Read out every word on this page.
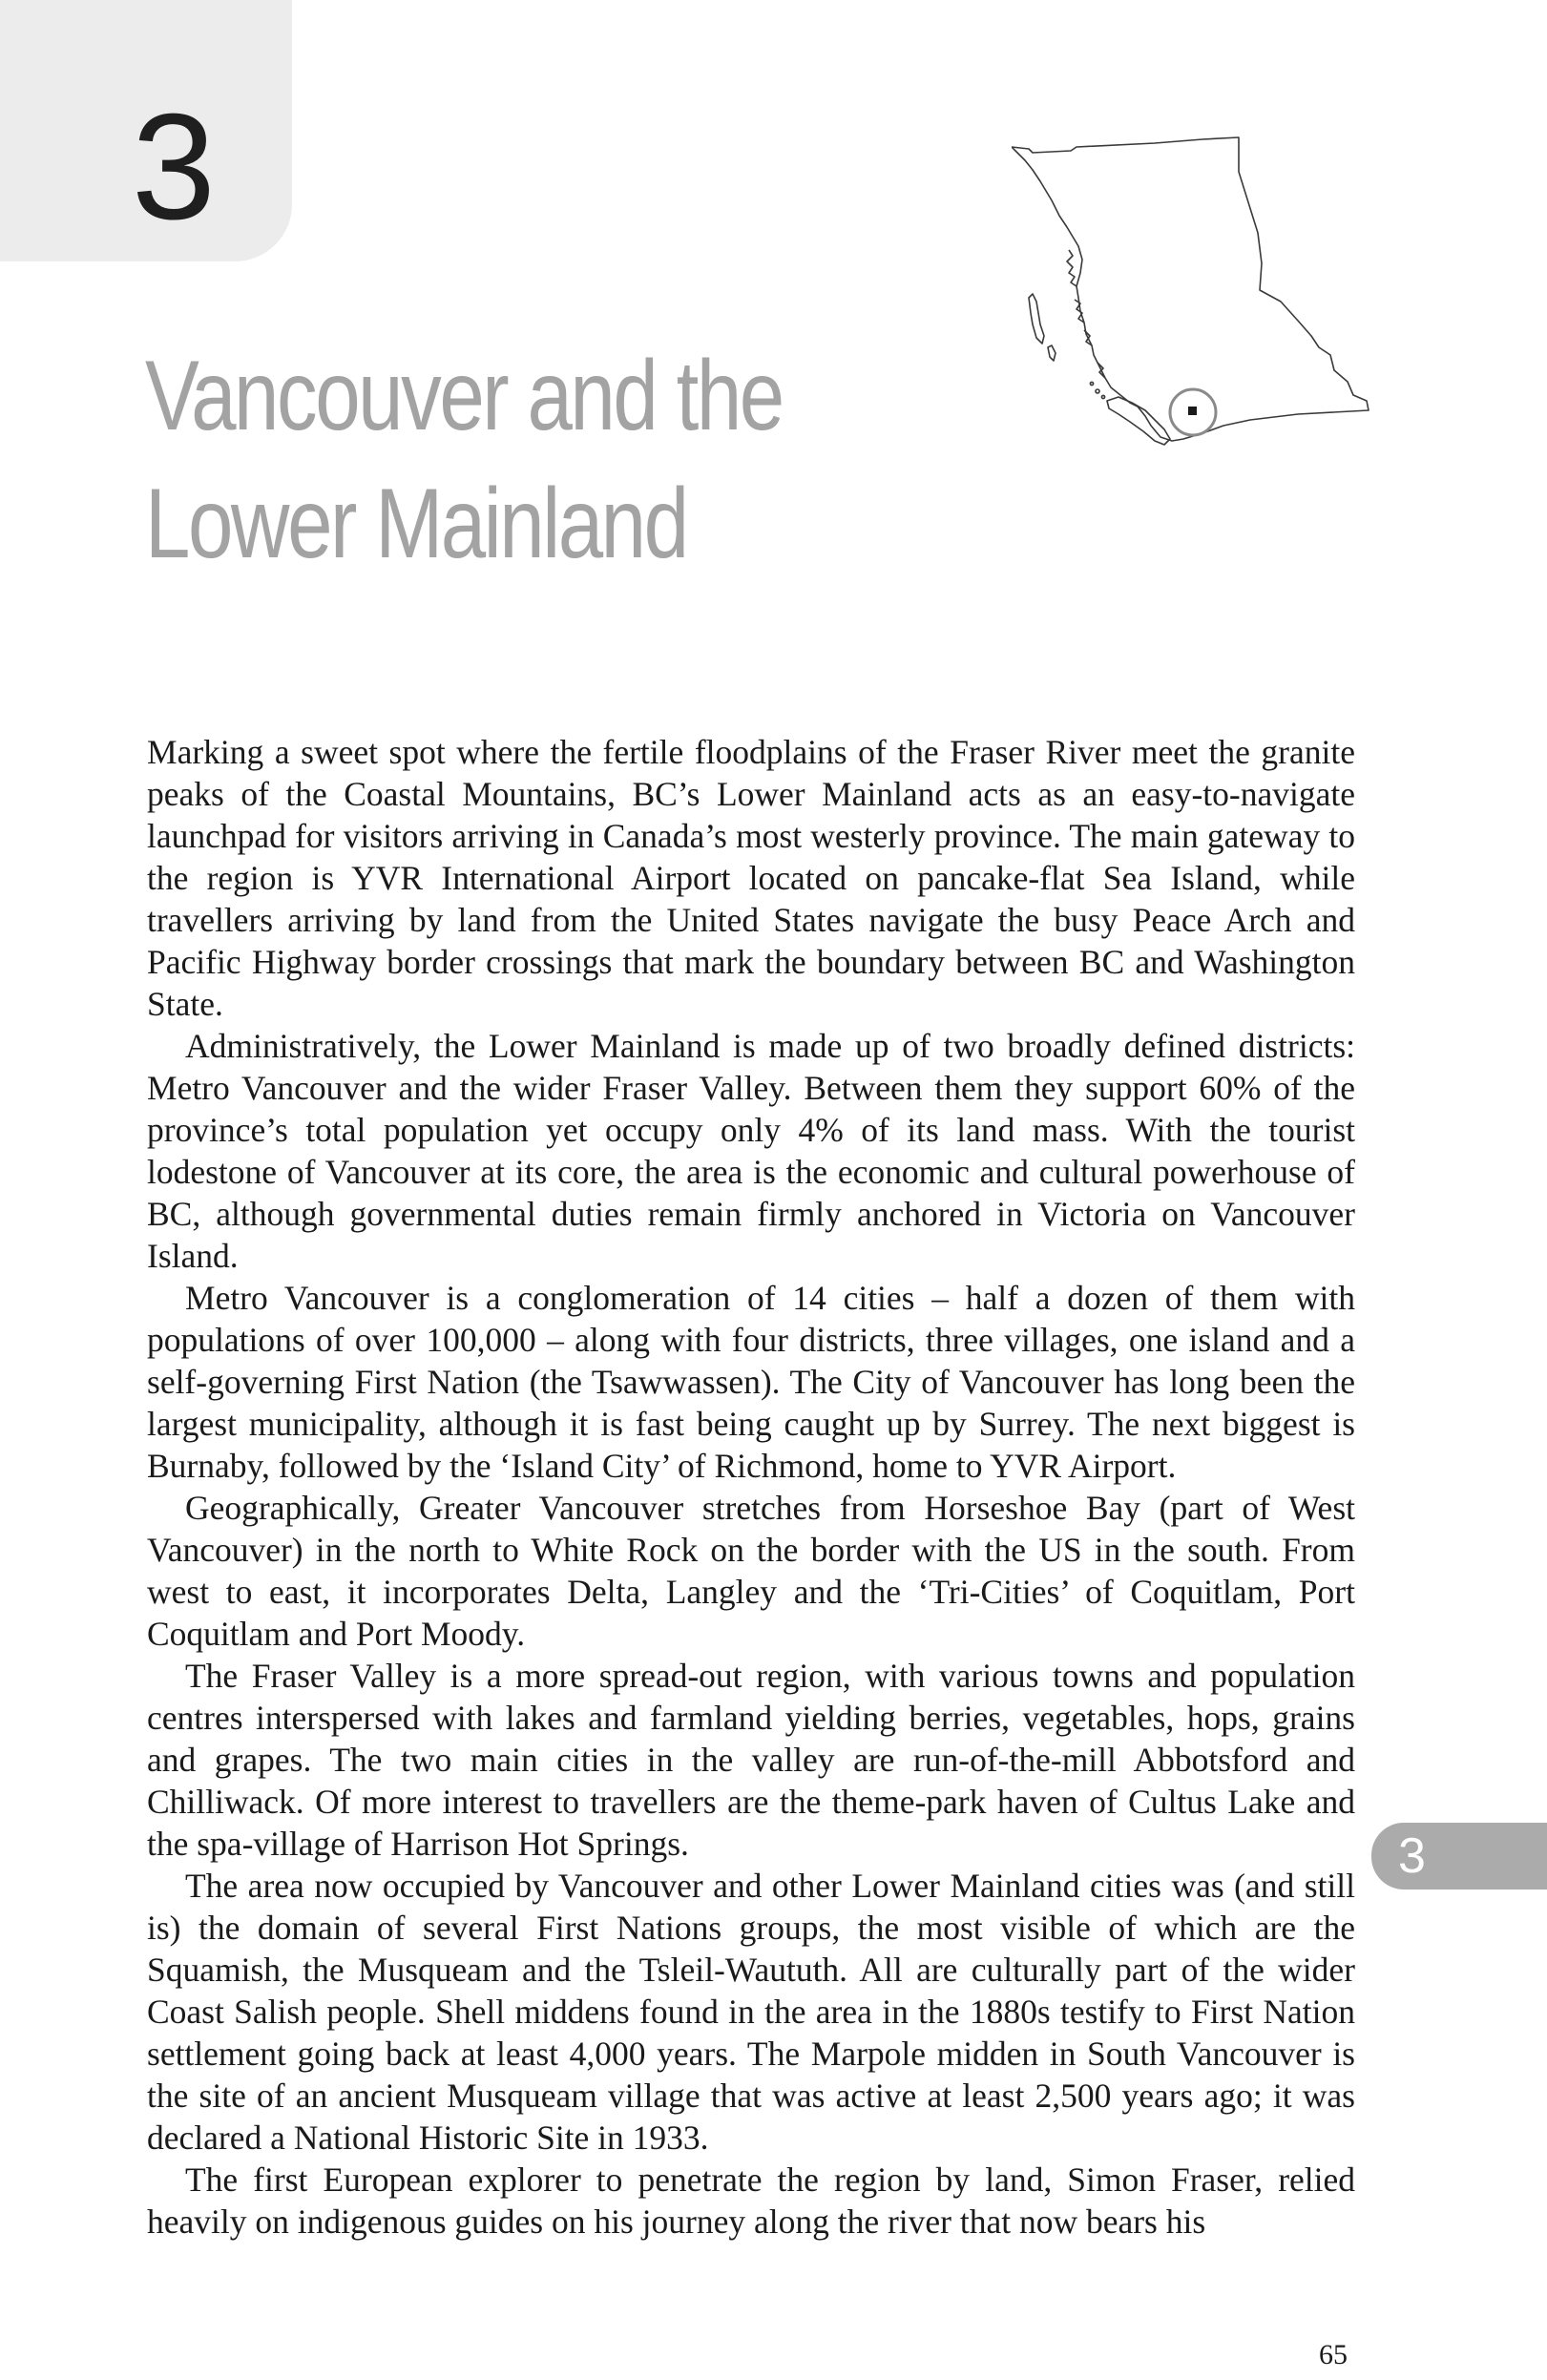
3
Vancouver and the
Lower Mainland

Marking a sweet spot where the fertile floodplains of the Fraser River meet the granite peaks of the Coastal Mountains, BC’s Lower Mainland acts as an easy-to-navigate launchpad for visitors arriving in Canada’s most westerly province. The main gateway to the region is YVR International Airport located on pancake-flat Sea Island, while travellers arriving by land from the United States navigate the busy Peace Arch and Pacific Highway border crossings that mark the boundary between BC and Washington State.

Administratively, the Lower Mainland is made up of two broadly defined districts: Metro Vancouver and the wider Fraser Valley. Between them they support 60% of the province’s total population yet occupy only 4% of its land mass. With the tourist lodestone of Vancouver at its core, the area is the economic and cultural powerhouse of BC, although governmental duties remain firmly anchored in Victoria on Vancouver Island.

Metro Vancouver is a conglomeration of 14 cities – half a dozen of them with populations of over 100,000 – along with four districts, three villages, one island and a self-governing First Nation (the Tsawwassen). The City of Vancouver has long been the largest municipality, although it is fast being caught up by Surrey. The next biggest is Burnaby, followed by the ‘Island City’ of Richmond, home to YVR Airport.

Geographically, Greater Vancouver stretches from Horseshoe Bay (part of West Vancouver) in the north to White Rock on the border with the US in the south. From west to east, it incorporates Delta, Langley and the ‘Tri-Cities’ of Coquitlam, Port Coquitlam and Port Moody.

The Fraser Valley is a more spread-out region, with various towns and population centres interspersed with lakes and farmland yielding berries, vegetables, hops, grains and grapes. The two main cities in the valley are run-of-the-mill Abbotsford and Chilliwack. Of more interest to travellers are the theme-park haven of Cultus Lake and the spa-village of Harrison Hot Springs.

The area now occupied by Vancouver and other Lower Mainland cities was (and still is) the domain of several First Nations groups, the most visible of which are the Squamish, the Musqueam and the Tsleil-Waututh. All are culturally part of the wider Coast Salish people. Shell middens found in the area in the 1880s testify to First Nation settlement going back at least 4,000 years. The Marpole midden in South Vancouver is the site of an ancient Musqueam village that was active at least 2,500 years ago; it was declared a National Historic Site in 1933.

The first European explorer to penetrate the region by land, Simon Fraser, relied heavily on indigenous guides on his journey along the river that now bears his

3
65
